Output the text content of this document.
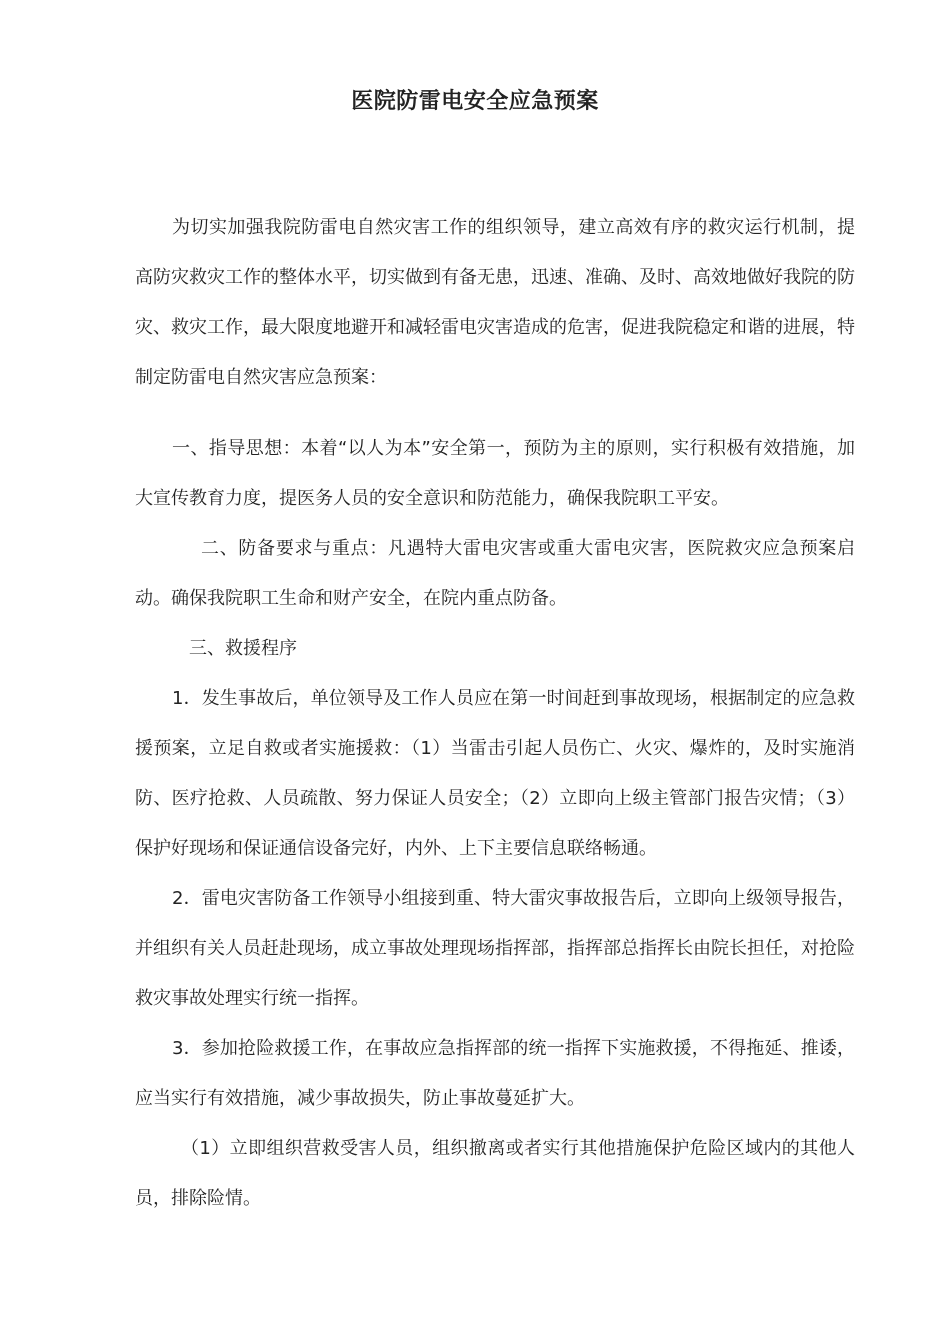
医院防雷电安全应急预案

为切实加强我院防雷电自然灾害工作的组织领导，建立高效有序的救灾运行机制，提高防灾救灾工作的整体水平，切实做到有备无患，迅速、准确、及时、高效地做好我院的防灾、救灾工作，最大限度地避开和减轻雷电灾害造成的危害，促进我院稳定和谐的进展，特制定防雷电自然灾害应急预案：

一、指导思想：本着“以人为本”安全第一，预防为主的原则，实行积极有效措施，加大宣传教育力度，提医务人员的安全意识和防范能力，确保我院职工平安。

二、防备要求与重点：凡遇特大雷电灾害或重大雷电灾害，医院救灾应急预案启动。确保我院职工生命和财产安全，在院内重点防备。

三、救援程序

1．发生事故后，单位领导及工作人员应在第一时间赶到事故现场，根据制定的应急救援预案，立足自救或者实施援救：（1）当雷击引起人员伤亡、火灾、爆炸的，及时实施消防、医疗抢救、人员疏散、努力保证人员安全；（2）立即向上级主管部门报告灾情；（3）保护好现场和保证通信设备完好，内外、上下主要信息联络畅通。

2．雷电灾害防备工作领导小组接到重、特大雷灾事故报告后，立即向上级领导报告，并组织有关人员赶赴现场，成立事故处理现场指挥部，指挥部总指挥长由院长担任，对抢险救灾事故处理实行统一指挥。

3．参加抢险救援工作，在事故应急指挥部的统一指挥下实施救援，不得拖延、推诿，应当实行有效措施，减少事故损失，防止事故蔓延扩大。

（1）立即组织营救受害人员，组织撤离或者实行其他措施保护危险区域内的其他人员，排除险情。
